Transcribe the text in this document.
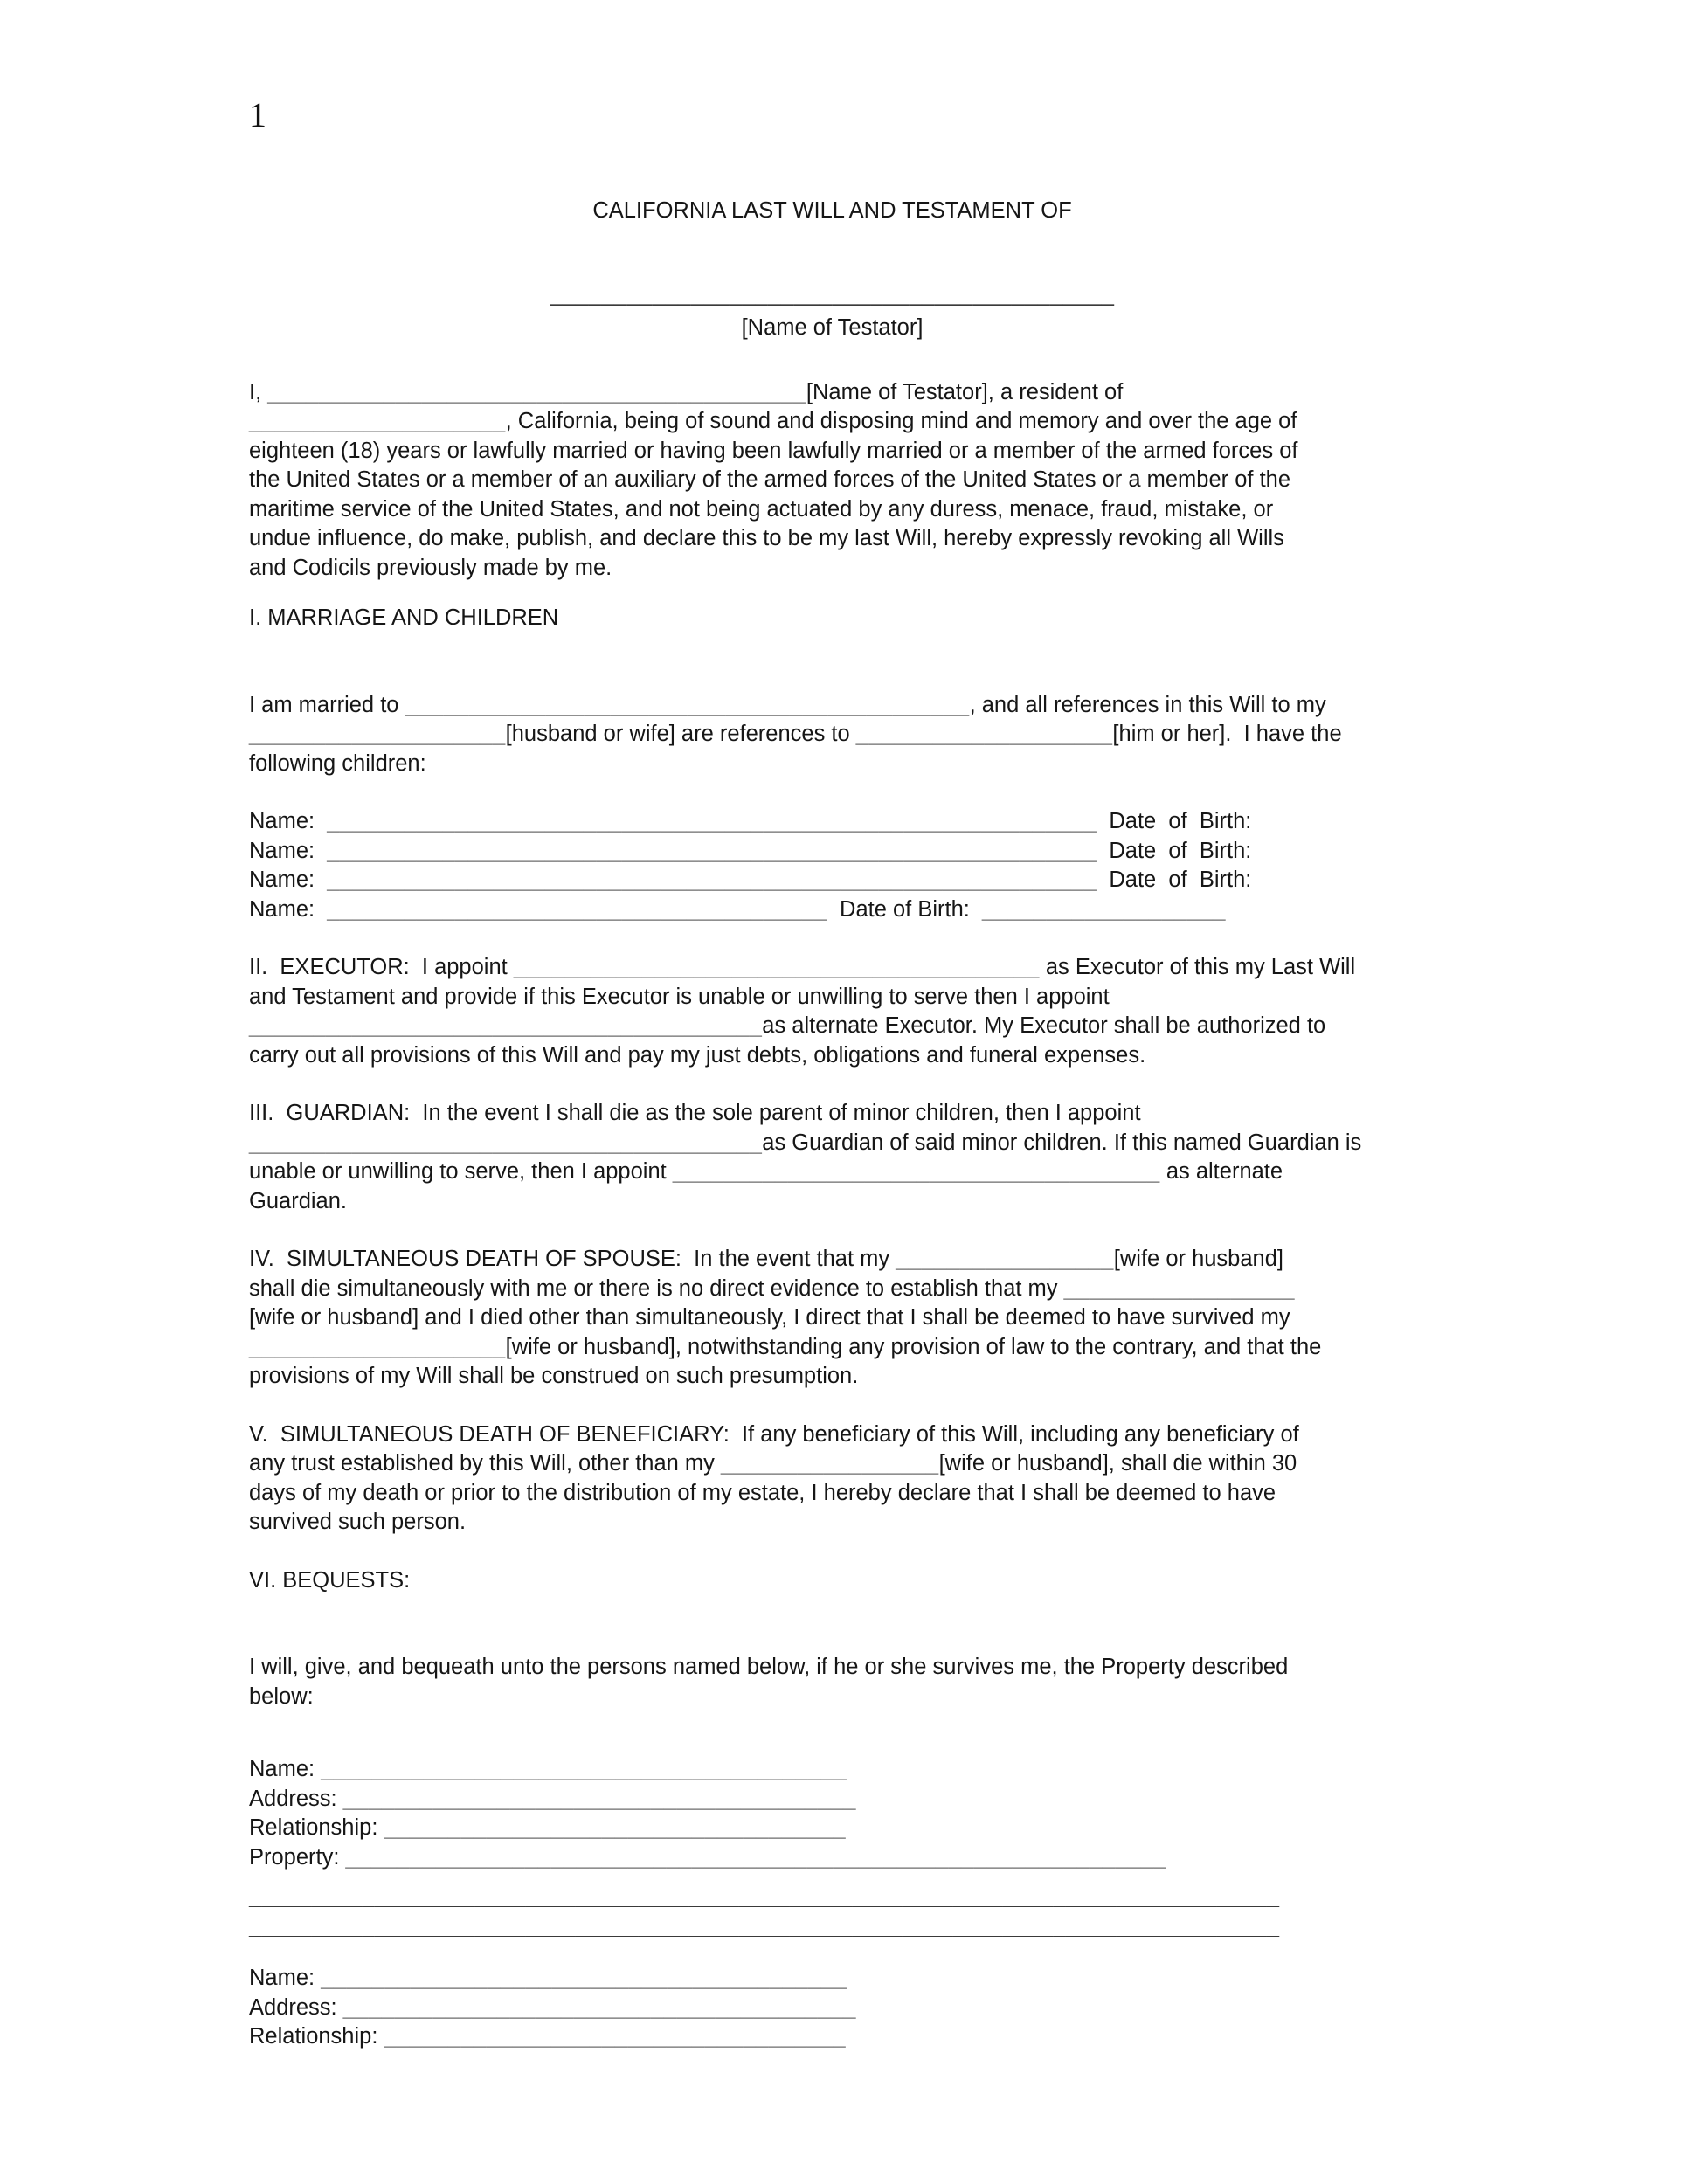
1
CALIFORNIA LAST WILL AND TESTAMENT OF
____________________________________________
[Name of Testator]
I, __________________________________________[Name of Testator], a resident of
____________________, California, being of sound and disposing mind and memory and over the age of
eighteen (18) years or lawfully married or having been lawfully married or a member of the armed forces of
the United States or a member of an auxiliary of the armed forces of the United States or a member of the
maritime service of the United States, and not being actuated by any duress, menace, fraud, mistake, or
undue influence, do make, publish, and declare this to be my last Will, hereby expressly revoking all Wills
and Codicils previously made by me.
I. MARRIAGE AND CHILDREN
I am married to ____________________________________________, and all references in this Will to my
____________________[husband or wife] are references to ____________________[him or her].  I have the
following children:
Name:  ____________________________________________________________  Date  of  Birth:
Name:  ____________________________________________________________  Date  of  Birth:
Name:  ____________________________________________________________  Date  of  Birth:
Name:  _______________________________________  Date of Birth:  ___________________
II.  EXECUTOR:  I appoint _________________________________________ as Executor of this my Last Will
and Testament and provide if this Executor is unable or unwilling to serve then I appoint
________________________________________as alternate Executor. My Executor shall be authorized to
carry out all provisions of this Will and pay my just debts, obligations and funeral expenses.
III.  GUARDIAN:  In the event I shall die as the sole parent of minor children, then I appoint
________________________________________as Guardian of said minor children. If this named Guardian is
unable or unwilling to serve, then I appoint ______________________________________ as alternate
Guardian.
IV.  SIMULTANEOUS DEATH OF SPOUSE:  In the event that my _________________[wife or husband]
shall die simultaneously with me or there is no direct evidence to establish that my __________________
[wife or husband] and I died other than simultaneously, I direct that I shall be deemed to have survived my
____________________[wife or husband], notwithstanding any provision of law to the contrary, and that the
provisions of my Will shall be construed on such presumption.
V.  SIMULTANEOUS DEATH OF BENEFICIARY:  If any beneficiary of this Will, including any beneficiary of
any trust established by this Will, other than my _________________[wife or husband], shall die within 30
days of my death or prior to the distribution of my estate, I hereby declare that I shall be deemed to have
survived such person.
VI. BEQUESTS:
I will, give, and bequeath unto the persons named below, if he or she survives me, the Property described
below:
Name: _________________________________________
Address: ________________________________________
Relationship: ____________________________________
Property: ________________________________________________________________
__________________________________________________________________________________
__________________________________________________________________________________
Name: _________________________________________
Address: ________________________________________
Relationship: ____________________________________
